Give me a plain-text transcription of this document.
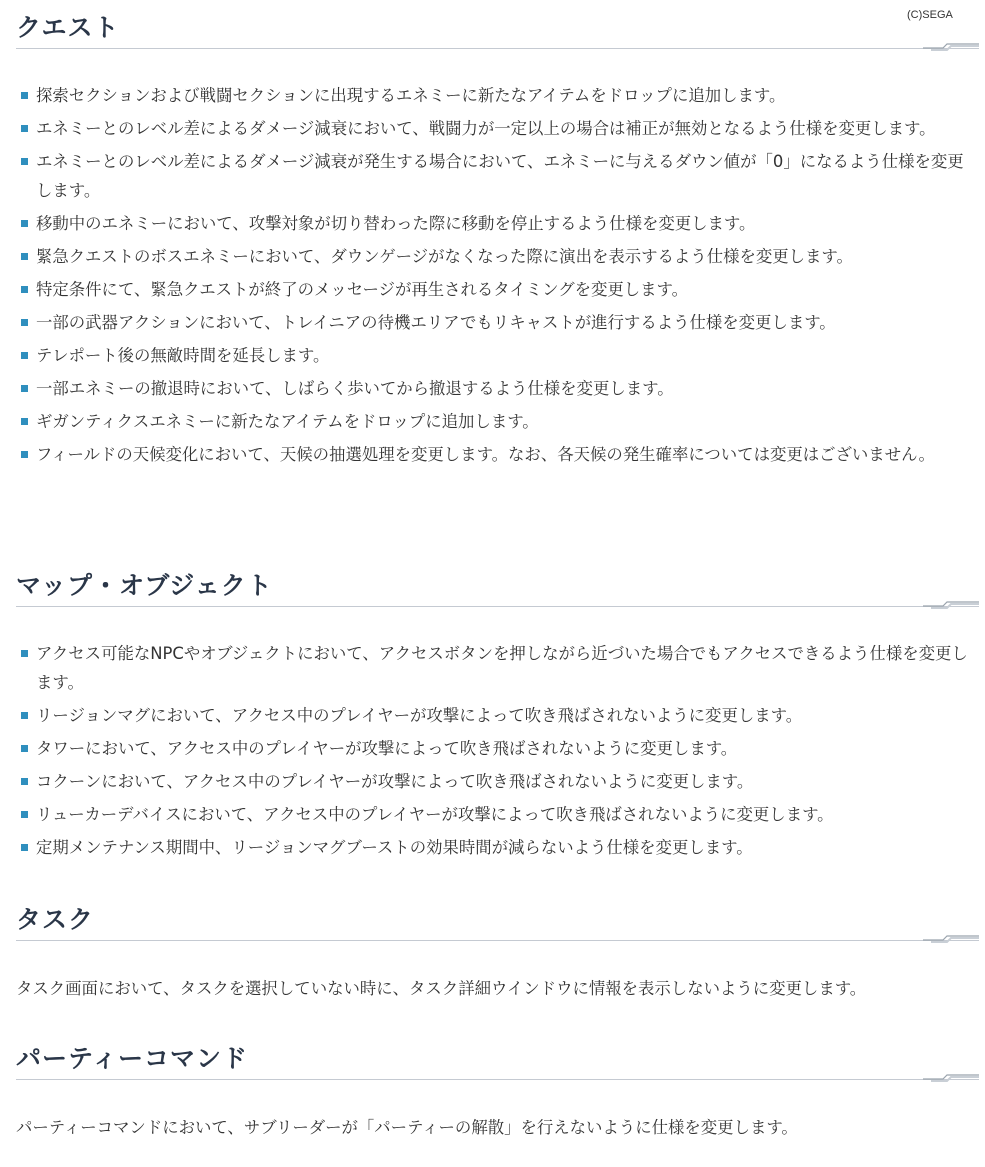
(C)SEGA
クエスト
探索セクションおよび戦闘セクションに出現するエネミーに新たなアイテムをドロップに追加します。
エネミーとのレベル差によるダメージ減衰において、戦闘力が一定以上の場合は補正が無効となるよう仕様を変更します。
エネミーとのレベル差によるダメージ減衰が発生する場合において、エネミーに与えるダウン値が「0」になるよう仕様を変更します。
移動中のエネミーにおいて、攻撃対象が切り替わった際に移動を停止するよう仕様を変更します。
緊急クエストのボスエネミーにおいて、ダウンゲージがなくなった際に演出を表示するよう仕様を変更します。
特定条件にて、緊急クエストが終了のメッセージが再生されるタイミングを変更します。
一部の武器アクションにおいて、トレイニアの待機エリアでもリキャストが進行するよう仕様を変更します。
テレポート後の無敵時間を延長します。
一部エネミーの撤退時において、しばらく歩いてから撤退するよう仕様を変更します。
ギガンティクスエネミーに新たなアイテムをドロップに追加します。
フィールドの天候変化において、天候の抽選処理を変更します。なお、各天候の発生確率については変更はございません。
マップ・オブジェクト
アクセス可能なNPCやオブジェクトにおいて、アクセスボタンを押しながら近づいた場合でもアクセスできるよう仕様を変更します。
リージョンマグにおいて、アクセス中のプレイヤーが攻撃によって吹き飛ばされないように変更します。
タワーにおいて、アクセス中のプレイヤーが攻撃によって吹き飛ばされないように変更します。
コクーンにおいて、アクセス中のプレイヤーが攻撃によって吹き飛ばされないように変更します。
リューカーデバイスにおいて、アクセス中のプレイヤーが攻撃によって吹き飛ばされないように変更します。
定期メンテナンス期間中、リージョンマグブーストの効果時間が減らないよう仕様を変更します。
タスク

タスク画面において、タスクを選択していない時に、タスク詳細ウインドウに情報を表示しないように変更します。

パーティーコマンド

パーティーコマンドにおいて、サブリーダーが「パーティーの解散」を行えないように仕様を変更します。
